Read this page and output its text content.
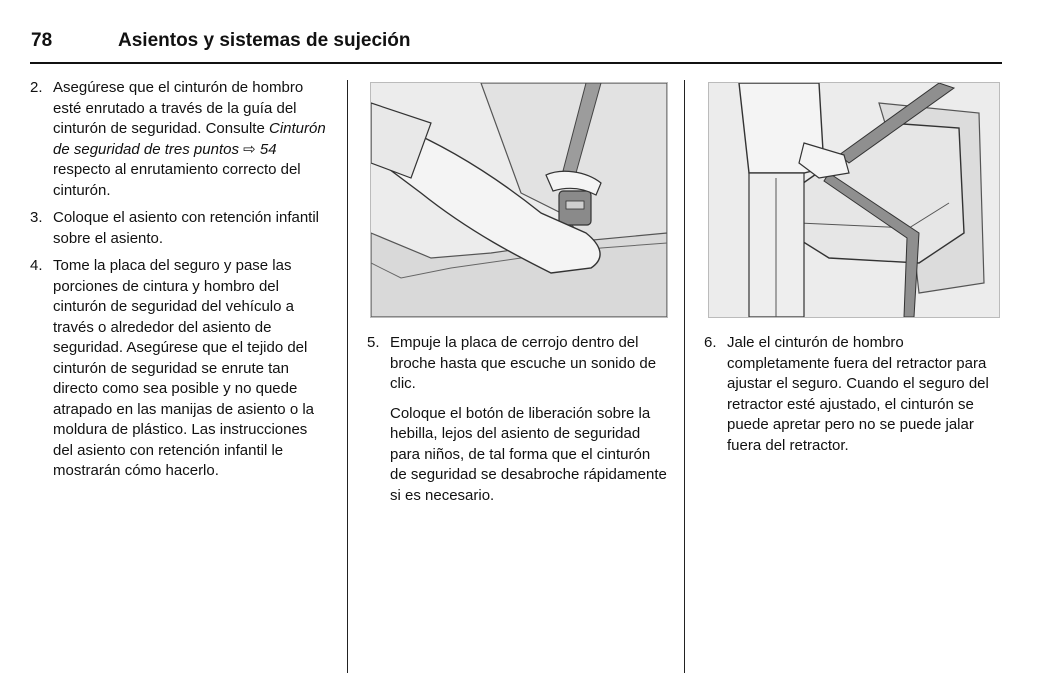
78	Asientos y sistemas de sujeción
2. Asegúrese que el cinturón de hombro esté enrutado a través de la guía del cinturón de seguridad. Consulte Cinturón de seguridad de tres puntos ⇨ 54 respecto al enrutamiento correcto del cinturón.

3. Coloque el asiento con retención infantil sobre el asiento.

4. Tome la placa del seguro y pase las porciones de cintura y hombro del cinturón de seguridad del vehículo a través o alrededor del asiento de seguridad. Asegúrese que el tejido del cinturón de seguridad se enrute tan directo como sea posible y no quede atrapado en las manijas de asiento o la moldura de plástico. Las instrucciones del asiento con retención infantil le mostrarán cómo hacerlo.

5. Empuje la placa de cerrojo dentro del broche hasta que escuche un sonido de clic.

Coloque el botón de liberación sobre la hebilla, lejos del asiento de seguridad para niños, de tal forma que el cinturón de seguridad se desabroche rápidamente si es necesario.

6. Jale el cinturón de hombro completamente fuera del retractor para ajustar el seguro. Cuando el seguro del retractor esté ajustado, el cinturón se puede apretar pero no se puede jalar fuera del retractor.
